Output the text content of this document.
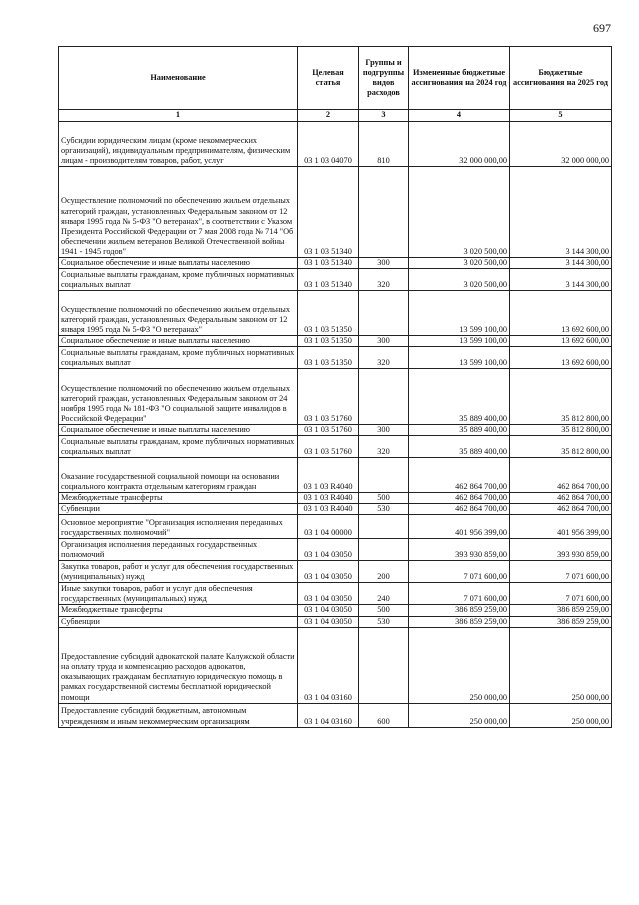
697
Наименование	Целевая статья	Группы и подгруппы видов расходов	Измененные бюджетные ассигнования на 2024 год	Бюджетные ассигнования на 2025 год
1	2	3	4	5
Субсидии юридическим лицам (кроме некоммерческих организаций), индивидуальным предпринимателям, физическим лицам - производителям товаров, работ, услуг	03 1 03 04070	810	32 000 000,00	32 000 000,00
Осуществление полномочий по обеспечению жильем отдельных категорий граждан, установленных Федеральным законом от 12 января 1995 года № 5-ФЗ "О ветеранах", в соответствии с Указом Президента Российской Федерации от 7 мая 2008 года № 714 "Об обеспечении жильем ветеранов Великой Отечественной войны 1941 - 1945 годов"	03 1 03 51340		3 020 500,00	3 144 300,00
Социальное обеспечение и иные выплаты населению	03 1 03 51340	300	3 020 500,00	3 144 300,00
Социальные выплаты гражданам, кроме публичных нормативных социальных выплат	03 1 03 51340	320	3 020 500,00	3 144 300,00
Осуществление полномочий по обеспечению жильем отдельных категорий граждан, установленных Федеральным законом от 12 января 1995 года № 5-ФЗ "О ветеранах"	03 1 03 51350		13 599 100,00	13 692 600,00
Социальное обеспечение и иные выплаты населению	03 1 03 51350	300	13 599 100,00	13 692 600,00
Социальные выплаты гражданам, кроме публичных нормативных социальных выплат	03 1 03 51350	320	13 599 100,00	13 692 600,00
Осуществление полномочий по обеспечению жильем отдельных категорий граждан, установленных Федеральным законом от 24 ноября 1995 года № 181-ФЗ "О социальной защите инвалидов в Российской Федерации"	03 1 03 51760		35 889 400,00	35 812 800,00
Социальное обеспечение и иные выплаты населению	03 1 03 51760	300	35 889 400,00	35 812 800,00
Социальные выплаты гражданам, кроме публичных нормативных социальных выплат	03 1 03 51760	320	35 889 400,00	35 812 800,00
Оказание государственной социальной помощи на основании социального контракта отдельным категориям граждан	03 1 03 R4040		462 864 700,00	462 864 700,00
Межбюджетные трансферты	03 1 03 R4040	500	462 864 700,00	462 864 700,00
Субвенции	03 1 03 R4040	530	462 864 700,00	462 864 700,00
Основное мероприятие "Организация исполнения переданных государственных полномочий"	03 1 04 00000		401 956 399,00	401 956 399,00
Организация исполнения переданных государственных полномочий	03 1 04 03050		393 930 859,00	393 930 859,00
Закупка товаров, работ и услуг для обеспечения государственных (муниципальных) нужд	03 1 04 03050	200	7 071 600,00	7 071 600,00
Иные закупки товаров, работ и услуг для обеспечения государственных (муниципальных) нужд	03 1 04 03050	240	7 071 600,00	7 071 600,00
Межбюджетные трансферты	03 1 04 03050	500	386 859 259,00	386 859 259,00
Субвенции	03 1 04 03050	530	386 859 259,00	386 859 259,00
Предоставление субсидий адвокатской палате Калужской области на оплату труда и компенсацию расходов адвокатов, оказывающих гражданам бесплатную юридическую помощь в рамках государственной системы бесплатной юридической помощи	03 1 04 03160		250 000,00	250 000,00
Предоставление субсидий бюджетным, автономным учреждениям и иным некоммерческим организациям	03 1 04 03160	600	250 000,00	250 000,00
